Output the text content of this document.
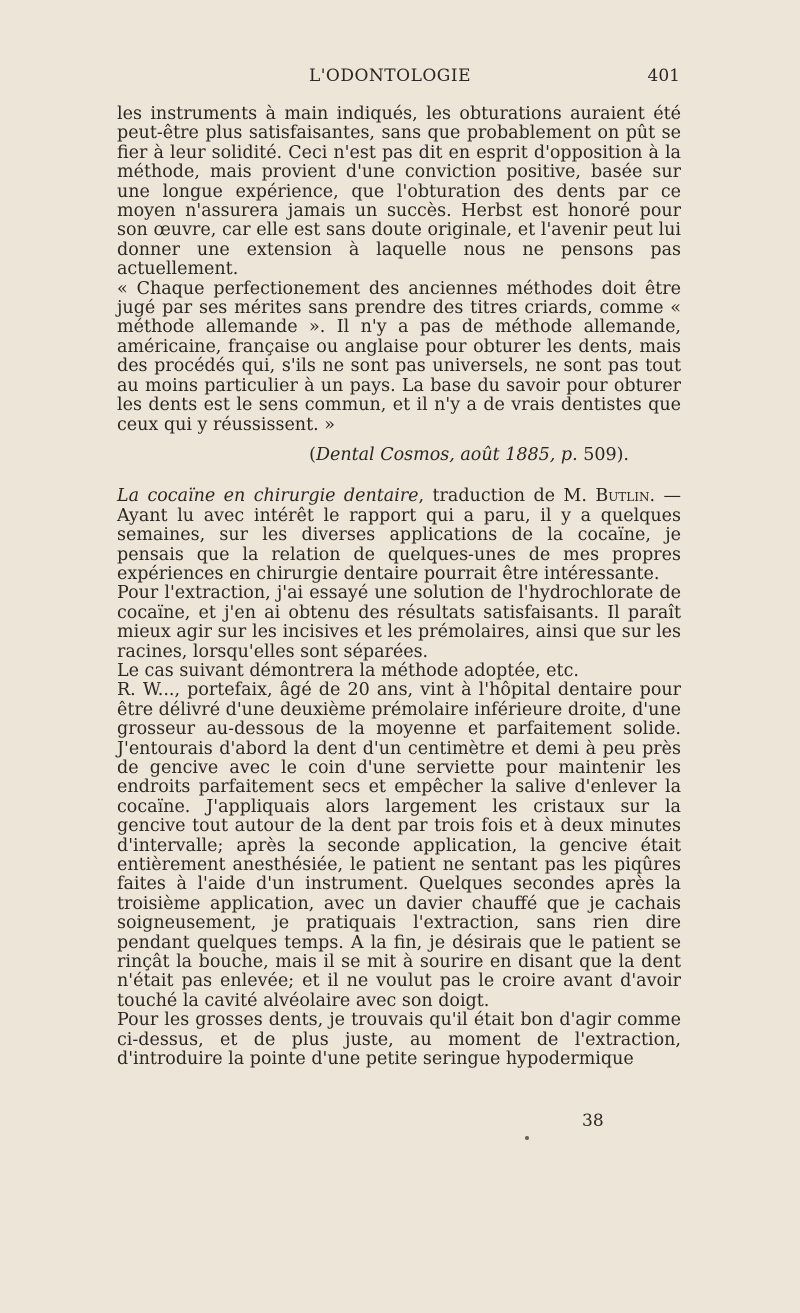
L'ODONTOLOGIE	401

les instruments à main indiqués, les obturations auraient été peut-être plus satisfaisantes, sans que probablement on pût se fier à leur solidité. Ceci n'est pas dit en esprit d'opposition à la méthode, mais provient d'une conviction positive, basée sur une longue expérience, que l'obturation des dents par ce moyen n'assurera jamais un succès. Herbst est honoré pour son œuvre, car elle est sans doute originale, et l'avenir peut lui donner une extension à laquelle nous ne pensons pas actuellement.

« Chaque perfectionement des anciennes méthodes doit être jugé par ses mérites sans prendre des titres criards, comme « méthode allemande ». Il n'y a pas de méthode allemande, américaine, française ou anglaise pour obturer les dents, mais des procédés qui, s'ils ne sont pas universels, ne sont pas tout au moins particulier à un pays. La base du savoir pour obturer les dents est le sens commun, et il n'y a de vrais dentistes que ceux qui y réussissent. »

(Dental Cosmos, août 1885, p. 509).

La cocaïne en chirurgie dentaire, traduction de M. Butlin. — Ayant lu avec intérêt le rapport qui a paru, il y a quelques semaines, sur les diverses applications de la cocaïne, je pensais que la relation de quelques-unes de mes propres expériences en chirurgie dentaire pourrait être intéressante.

Pour l'extraction, j'ai essayé une solution de l'hydrochlorate de cocaïne, et j'en ai obtenu des résultats satisfaisants. Il paraît mieux agir sur les incisives et les prémolaires, ainsi que sur les racines, lorsqu'elles sont séparées.

Le cas suivant démontrera la méthode adoptée, etc.

R. W..., portefaix, âgé de 20 ans, vint à l'hôpital dentaire pour être délivré d'une deuxième prémolaire inférieure droite, d'une grosseur au-dessous de la moyenne et parfaitement solide. J'entourais d'abord la dent d'un centimètre et demi à peu près de gencive avec le coin d'une serviette pour maintenir les endroits parfaitement secs et empêcher la salive d'enlever la cocaïne. J'appliquais alors largement les cristaux sur la gencive tout autour de la dent par trois fois et à deux minutes d'intervalle; après la seconde application, la gencive était entièrement anesthésiée, le patient ne sentant pas les piqûres faites à l'aide d'un instrument. Quelques secondes après la troisième application, avec un davier chauffé que je cachais soigneusement, je pratiquais l'extraction, sans rien dire pendant quelques temps. A la fin, je désirais que le patient se rinçât la bouche, mais il se mit à sourire en disant que la dent n'était pas enlevée; et il ne voulut pas le croire avant d'avoir touché la cavité alvéolaire avec son doigt.

Pour les grosses dents, je trouvais qu'il était bon d'agir comme ci-dessus, et de plus juste, au moment de l'extraction, d'introduire la pointe d'une petite seringue hypodermique

38
